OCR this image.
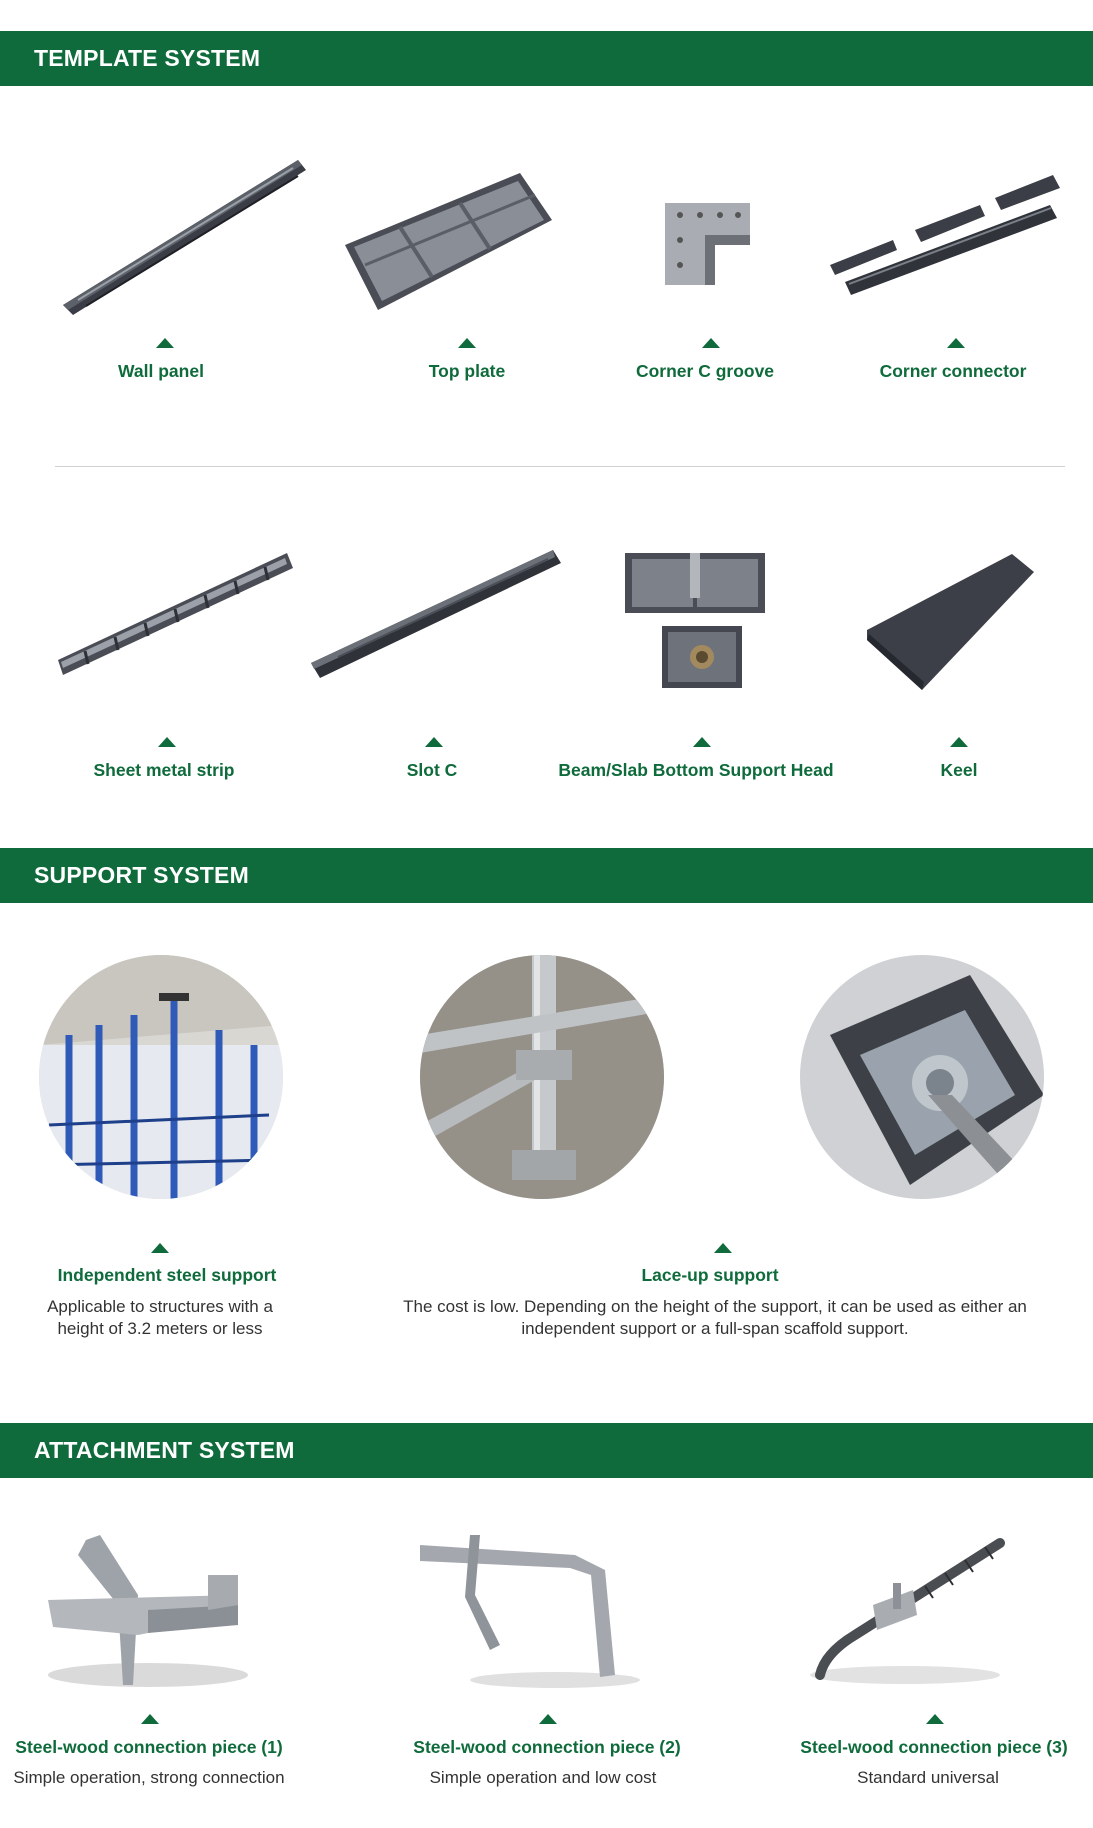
TEMPLATE SYSTEM
Wall panel	Top plate	Corner C groove	Corner connector
Sheet metal strip	Slot C	Beam/Slab Bottom Support Head	Keel
SUPPORT SYSTEM
Independent steel support	Lace-up support
Applicable to structures with a height of 3.2 meters or less
The cost is low. Depending on the height of the support, it can be used as either an independent support or a full-span scaffold support.
ATTACHMENT SYSTEM
Steel-wood connection piece (1)	Steel-wood connection piece (2)	Steel-wood connection piece (3)
Simple operation, strong connection	Simple operation and low cost	Standard universal
